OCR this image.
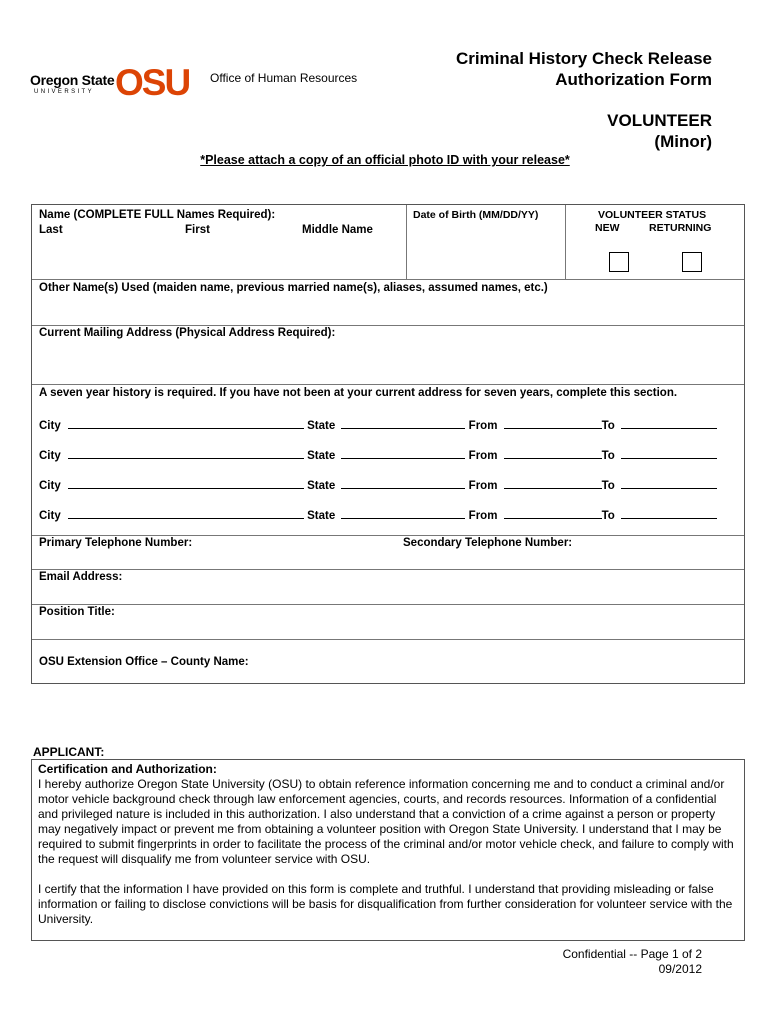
Oregon State
UNIVERSITY OSU Office of Human Resources
Criminal History Check Release
Authorization Form
VOLUNTEER
(Minor)
*Please attach a copy of an official photo ID with your release*
Name (COMPLETE FULL Names Required):
Last	First	Middle Name
Date of Birth (MM/DD/YY)	VOLUNTEER STATUS
NEW	RETURNING
Other Name(s) Used (maiden name, previous married name(s), aliases, assumed names, etc.)
Current Mailing Address (Physical Address Required):
A seven year history is required. If you have not been at your current address for seven years, complete this section.
City	State	From	To
City	State	From	To
City	State	From	To
City	State	From	To
Primary Telephone Number:	Secondary Telephone Number:
Email Address:
Position Title:
OSU Extension Office – County Name:
APPLICANT:
Certification and Authorization:
I hereby authorize Oregon State University (OSU) to obtain reference information concerning me and to conduct a criminal and/or motor vehicle background check through law enforcement agencies, courts, and records resources. Information of a confidential and privileged nature is included in this authorization. I also understand that a conviction of a crime against a person or property may negatively impact or prevent me from obtaining a volunteer position with Oregon State University. I understand that I may be required to submit fingerprints in order to facilitate the process of the criminal and/or motor vehicle check, and failure to comply with the request will disqualify me from volunteer service with OSU.
I certify that the information I have provided on this form is complete and truthful. I understand that providing misleading or false information or failing to disclose convictions will be basis for disqualification from further consideration for volunteer service with the University.
Confidential -- Page 1 of 2
09/2012
